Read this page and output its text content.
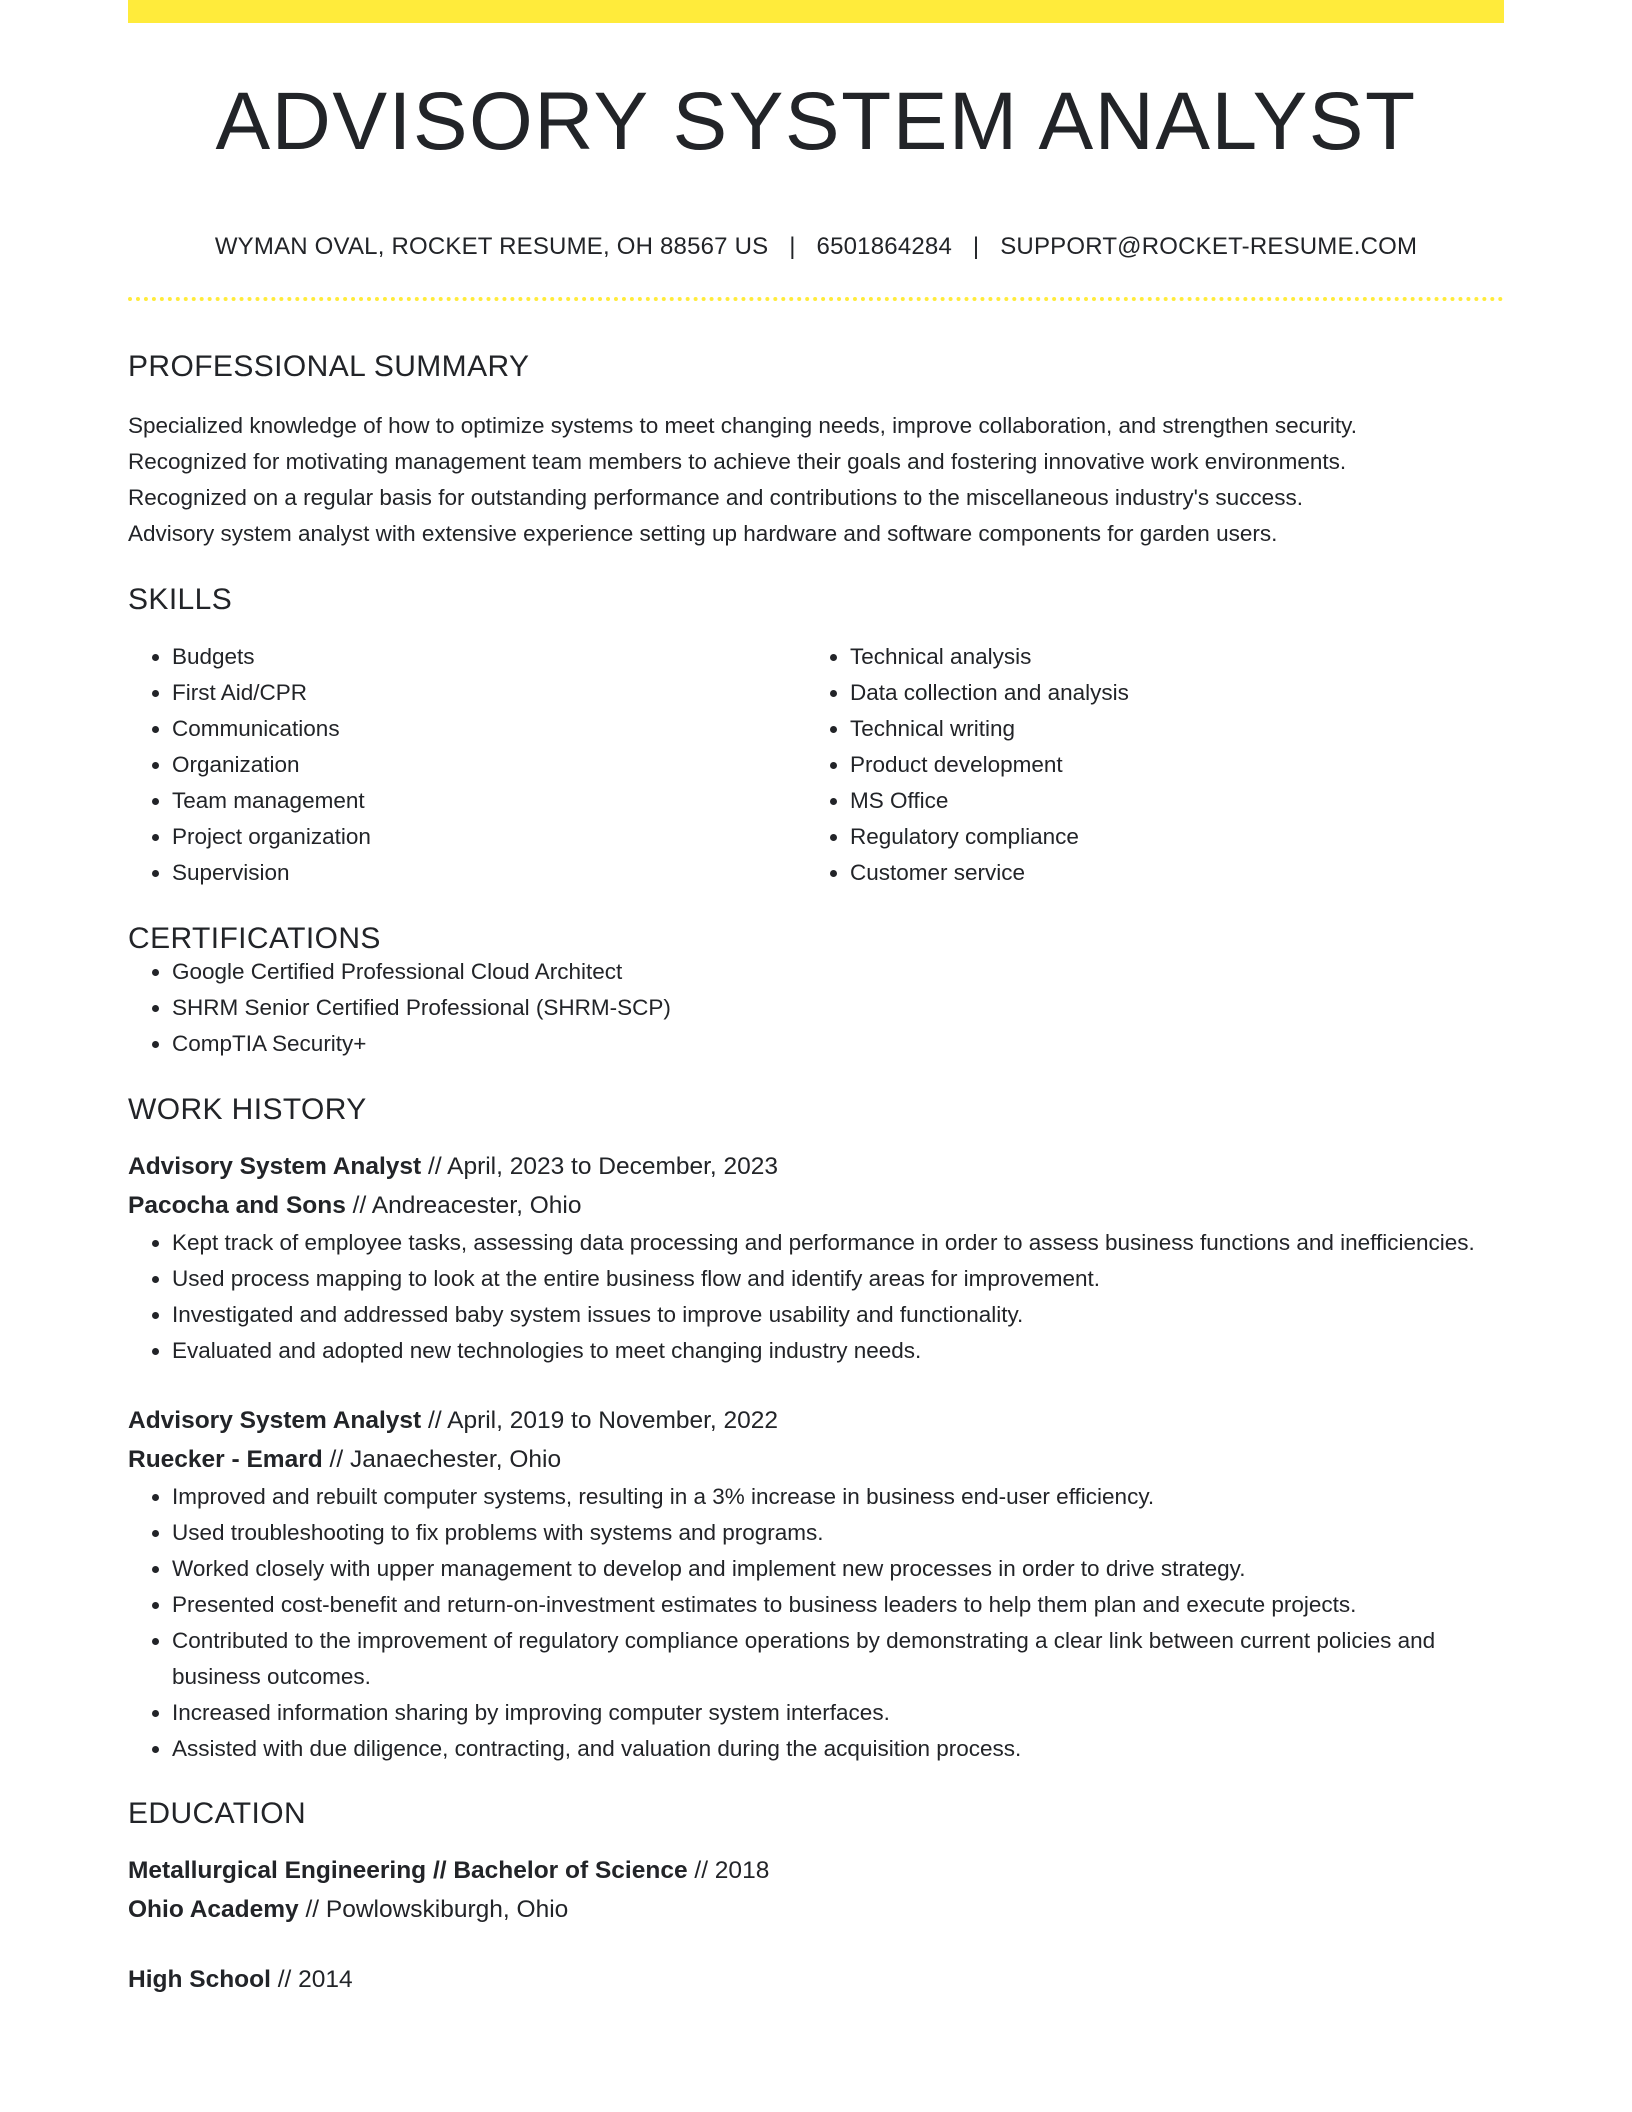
ADVISORY SYSTEM ANALYST
WYMAN OVAL, ROCKET RESUME, OH 88567 US | 6501864284 | SUPPORT@ROCKET-RESUME.COM
PROFESSIONAL SUMMARY
Specialized knowledge of how to optimize systems to meet changing needs, improve collaboration, and strengthen security.
Recognized for motivating management team members to achieve their goals and fostering innovative work environments.
Recognized on a regular basis for outstanding performance and contributions to the miscellaneous industry's success.
Advisory system analyst with extensive experience setting up hardware and software components for garden users.
SKILLS
• Budgets
• First Aid/CPR
• Communications
• Organization
• Team management
• Project organization
• Supervision
• Technical analysis
• Data collection and analysis
• Technical writing
• Product development
• MS Office
• Regulatory compliance
• Customer service
CERTIFICATIONS
• Google Certified Professional Cloud Architect
• SHRM Senior Certified Professional (SHRM-SCP)
• CompTIA Security+
WORK HISTORY
Advisory System Analyst // April, 2023 to December, 2023
Pacocha and Sons // Andreacester, Ohio
• Kept track of employee tasks, assessing data processing and performance in order to assess business functions and inefficiencies.
• Used process mapping to look at the entire business flow and identify areas for improvement.
• Investigated and addressed baby system issues to improve usability and functionality.
• Evaluated and adopted new technologies to meet changing industry needs.
Advisory System Analyst // April, 2019 to November, 2022
Ruecker - Emard // Janaechester, Ohio
• Improved and rebuilt computer systems, resulting in a 3% increase in business end-user efficiency.
• Used troubleshooting to fix problems with systems and programs.
• Worked closely with upper management to develop and implement new processes in order to drive strategy.
• Presented cost-benefit and return-on-investment estimates to business leaders to help them plan and execute projects.
• Contributed to the improvement of regulatory compliance operations by demonstrating a clear link between current policies and business outcomes.
• Increased information sharing by improving computer system interfaces.
• Assisted with due diligence, contracting, and valuation during the acquisition process.
EDUCATION
Metallurgical Engineering // Bachelor of Science // 2018
Ohio Academy // Powlowskiburgh, Ohio
High School // 2014
